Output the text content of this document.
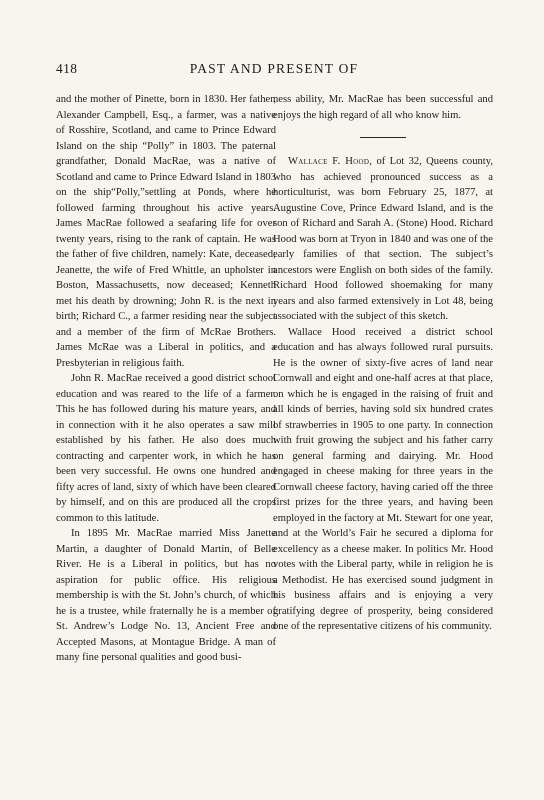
418	PAST AND PRESENT OF

and the mother of Pinette, born in 1830. Her father, Alexander Campbell, Esq., a farmer, was a native of Rosshire, Scotland, and came to Prince Edward Island on the ship “Polly” in 1803. The paternal grandfather, Donald MacRae, was a native of Scotland and came to Prince Edward Island in 1803 on the ship“Polly,”settling at Ponds, where he followed farming throughout his active years. James MacRae followed a seafaring life for over twenty years, rising to the rank of captain. He was the father of five children, namely: Kate, deceased; Jeanette, the wife of Fred Whittle, an upholster in Boston, Massachusetts, now deceased; Kenneth met his death by drowning; John R. is the next in birth; Richard C., a farmer residing near the subject and a member of the firm of McRae Brothers. James McRae was a Liberal in politics, and a Presbyterian in religious faith.

John R. MacRae received a good district school education and was reared to the life of a farmer. This he has followed during his mature years, and in connection with it he also operates a saw mill established by his father. He also does much contracting and carpenter work, in which he has been very successful. He owns one hundred and fifty acres of land, sixty of which have been cleared by himself, and on this are produced all the crops common to this latitude.

In 1895 Mr. MacRae married Miss Janette Martin, a daughter of Donald Martin, of Belle River. He is a Liberal in politics, but has no aspiration for public office. His religious membership is with the St. John’s church, of which he is a trustee, while fraternally he is a member of St. Andrew’s Lodge No. 13, Ancient Free and Accepted Masons, at Montague Bridge. A man of many fine personal qualities and good busi-

ness ability, Mr. MacRae has been successful and enjoys the high regard of all who know him.

Wallace F. Hood, of Lot 32, Queens county, who has achieved pronounced success as a horticulturist, was born February 25, 1877, at Augustine Cove, Prince Edward Island, and is the son of Richard and Sarah A. (Stone) Hood. Richard Hood was born at Tryon in 1840 and was one of the early families of that section. The subject’s ancestors were English on both sides of the family. Richard Hood followed shoemaking for many years and also farmed extensively in Lot 48, being associated with the subject of this sketch.

Wallace Hood received a district school education and has always followed rural pursuits. He is the owner of sixty-five acres of land near Cornwall and eight and one-half acres at that place, on which he is engaged in the raising of fruit and all kinds of berries, having sold six hundred crates of strawberries in 1905 to one party. In connection with fruit growing the subject and his father carry on general farming and dairying. Mr. Hood engaged in cheese making for three years in the Cornwall cheese factory, having caried off the three first prizes for the three years, and having been employed in the factory at Mt. Stewart for one year, and at the World’s Fair he secured a diploma for excellency as a cheese maker. In politics Mr. Hood votes with the Liberal party, while in religion he is a Methodist. He has exercised sound judgment in his business affairs and is enjoying a very gratifying degree of prosperity, being considered one of the representative citizens of his community.
